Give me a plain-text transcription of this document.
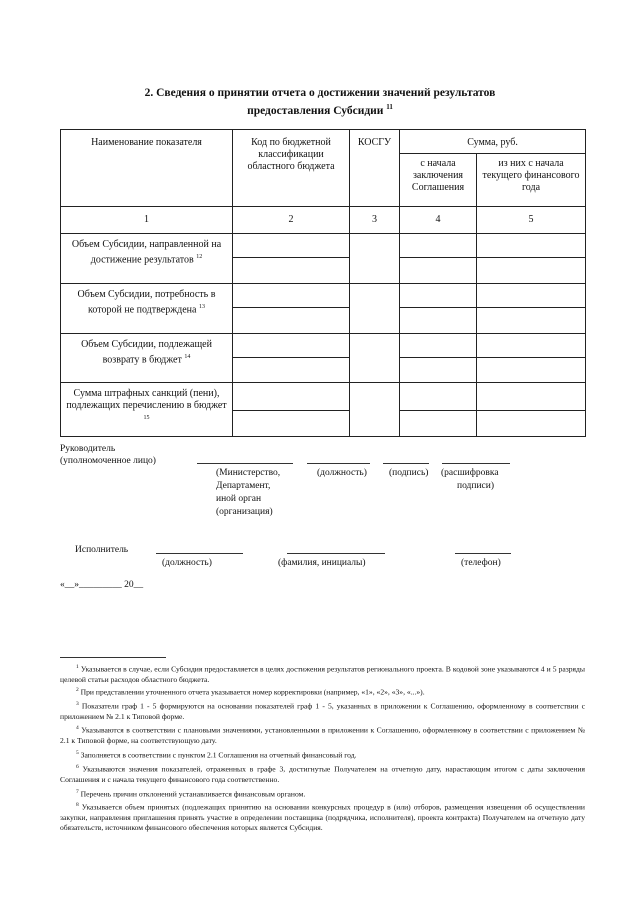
2. Сведения о принятии отчета о достижении значений результатов
предоставления Субсидии $^{11}$
Наименование показателя	Код по бюджетной классификации областного бюджета	КОСГУ	Сумма, руб.	
			с начала заключения Соглашения	из них с начала текущего финансового года
1	2	3	4	5
Объем Субсидии, направленной на достижение результатов $^{12}$				

Объем Субсидии, потребность в которой не подтверждена $^{13}$				

Объем Субсидии, подлежащей возврату в бюджет $^{14}$				

Сумма штрафных санкций (пени), подлежащих перечислению в бюджет $^{15}$				

Руководитель
(уполномоченное лицо)
(Министерство,
Департамент,
иной орган
(организация)
(должность) (подпись) (расшифровка
подписи)
Исполнитель
(должность)	(фамилия, инициалы)	(телефон)
«__»_________ 20__
$^1$ Указывается в случае, если Субсидия предоставляется в целях достижения результатов регионального проекта. В кодовой зоне указываются 4 и 5 разряды целевой статьи расходов областного бюджета.
$^2$ При представлении уточненного отчета указывается номер корректировки (например, «1», «2», «3», «...»).
$^3$ Показатели граф 1 - 5 формируются на основании показателей граф 1 - 5, указанных в приложении к Соглашению, оформленному в соответствии с приложением № 2.1 к Типовой форме.
$^4$ Указываются в соответствии с плановыми значениями, установленными в приложении к Соглашению, оформленному в соответствии с приложением № 2.1 к Типовой форме, на соответствующую дату.
$^5$ Заполняется в соответствии с пунктом 2.1 Соглашения на отчетный финансовый год.
$^6$ Указываются значения показателей, отраженных в графе 3, достигнутые Получателем на отчетную дату, нарастающим итогом с даты заключения Соглашения и с начала текущего финансового года соответственно.
$^7$ Перечень причин отклонений устанавливается финансовым органом.
$^8$ Указывается объем принятых (подлежащих принятию на основании конкурсных процедур в (или) отборов, размещения извещения об осуществлении закупки, направления приглашения принять участие в определении поставщика (подрядчика, исполнителя), проекта контракта) Получателем на отчетную дату обязательств, источником финансового обеспечения которых является Субсидия.
